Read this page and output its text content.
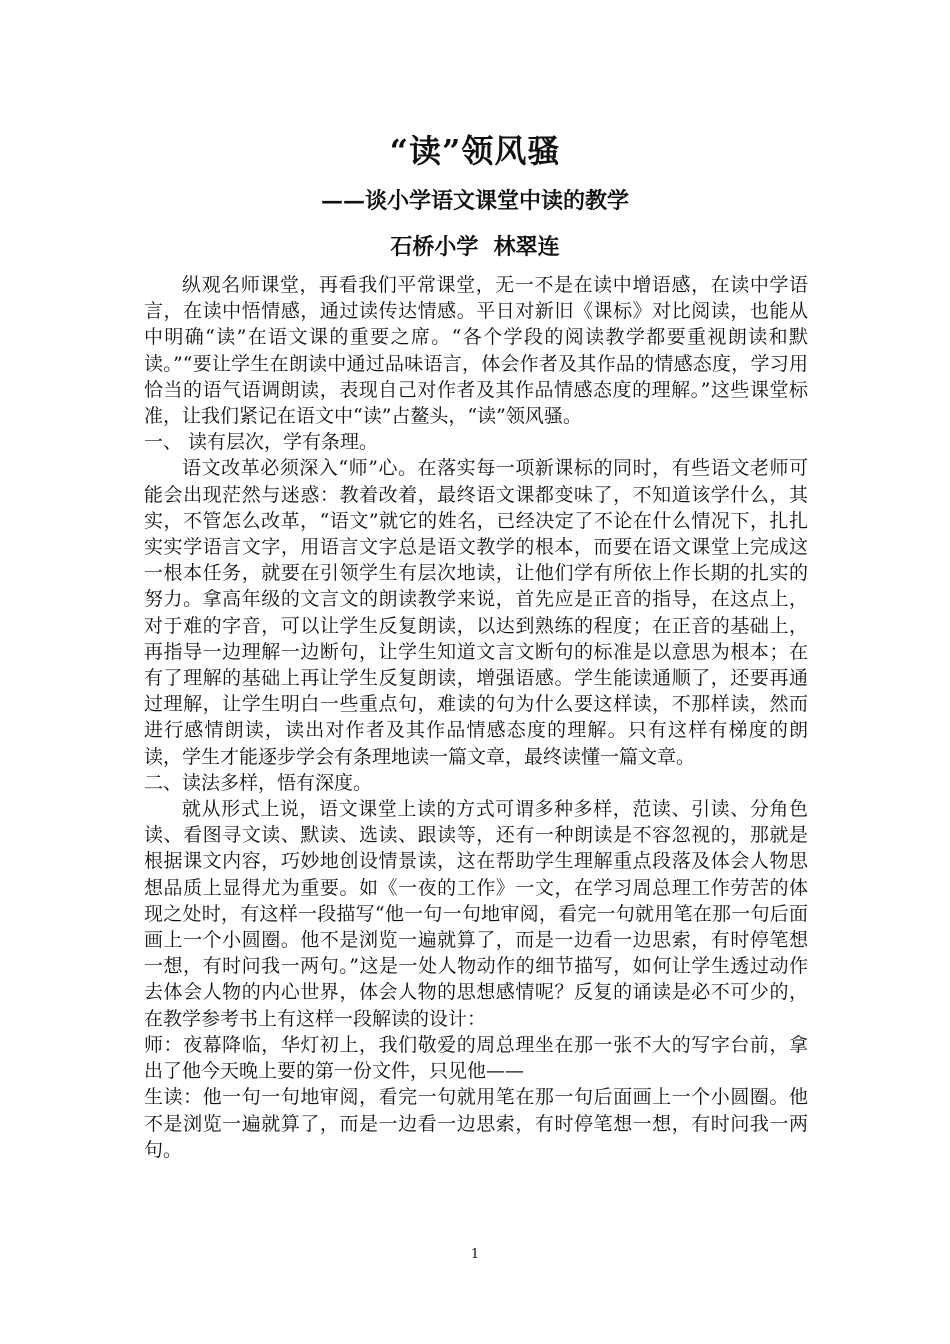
“读”领风骚
——谈小学语文课堂中读的教学
石桥小学  林翠连

纵观名师课堂，再看我们平常课堂，无一不是在读中增语感，在读中学语言，在读中悟情感，通过读传达情感。平日对新旧《课标》对比阅读，也能从中明确“读”在语文课的重要之席。“各个学段的阅读教学都要重视朗读和默读。”“要让学生在朗读中通过品味语言，体会作者及其作品的情感态度，学习用恰当的语气语调朗读，表现自己对作者及其作品情感态度的理解。”这些课堂标准，让我们紧记在语文中“读”占鳌头，“读”领风骚。

一、 读有层次，学有条理。

语文改革必须深入“师”心。在落实每一项新课标的同时，有些语文老师可能会出现茫然与迷惑：教着改着，最终语文课都变味了，不知道该学什么，其实，不管怎么改革，“语文”就它的姓名，已经决定了不论在什么情况下，扎扎实实学语言文字，用语言文字总是语文教学的根本，而要在语文课堂上完成这一根本任务，就要在引领学生有层次地读，让他们学有所依上作长期的扎实的努力。拿高年级的文言文的朗读教学来说，首先应是正音的指导，在这点上，对于难的字音，可以让学生反复朗读，以达到熟练的程度；在正音的基础上，再指导一边理解一边断句，让学生知道文言文断句的标准是以意思为根本；在有了理解的基础上再让学生反复朗读，增强语感。学生能读通顺了，还要再通过理解，让学生明白一些重点句，难读的句为什么要这样读，不那样读，然而进行感情朗读，读出对作者及其作品情感态度的理解。只有这样有梯度的朗读，学生才能逐步学会有条理地读一篇文章，最终读懂一篇文章。

二、读法多样，悟有深度。

就从形式上说，语文课堂上读的方式可谓多种多样，范读、引读、分角色读、看图寻文读、默读、选读、跟读等，还有一种朗读是不容忽视的，那就是根据课文内容，巧妙地创设情景读，这在帮助学生理解重点段落及体会人物思想品质上显得尤为重要。如《一夜的工作》一文，在学习周总理工作劳苦的体现之处时，有这样一段描写“他一句一句地审阅，看完一句就用笔在那一句后面画上一个小圆圈。他不是浏览一遍就算了，而是一边看一边思索，有时停笔想一想，有时问我一两句。”这是一处人物动作的细节描写，如何让学生透过动作去体会人物的内心世界，体会人物的思想感情呢？反复的诵读是必不可少的，在教学参考书上有这样一段解读的设计：

师：夜幕降临，华灯初上，我们敬爱的周总理坐在那一张不大的写字台前，拿出了他今天晚上要的第一份文件，只见他——

生读：他一句一句地审阅，看完一句就用笔在那一句后面画上一个小圆圈。他不是浏览一遍就算了，而是一边看一边思索，有时停笔想一想，有时问我一两句。

1
